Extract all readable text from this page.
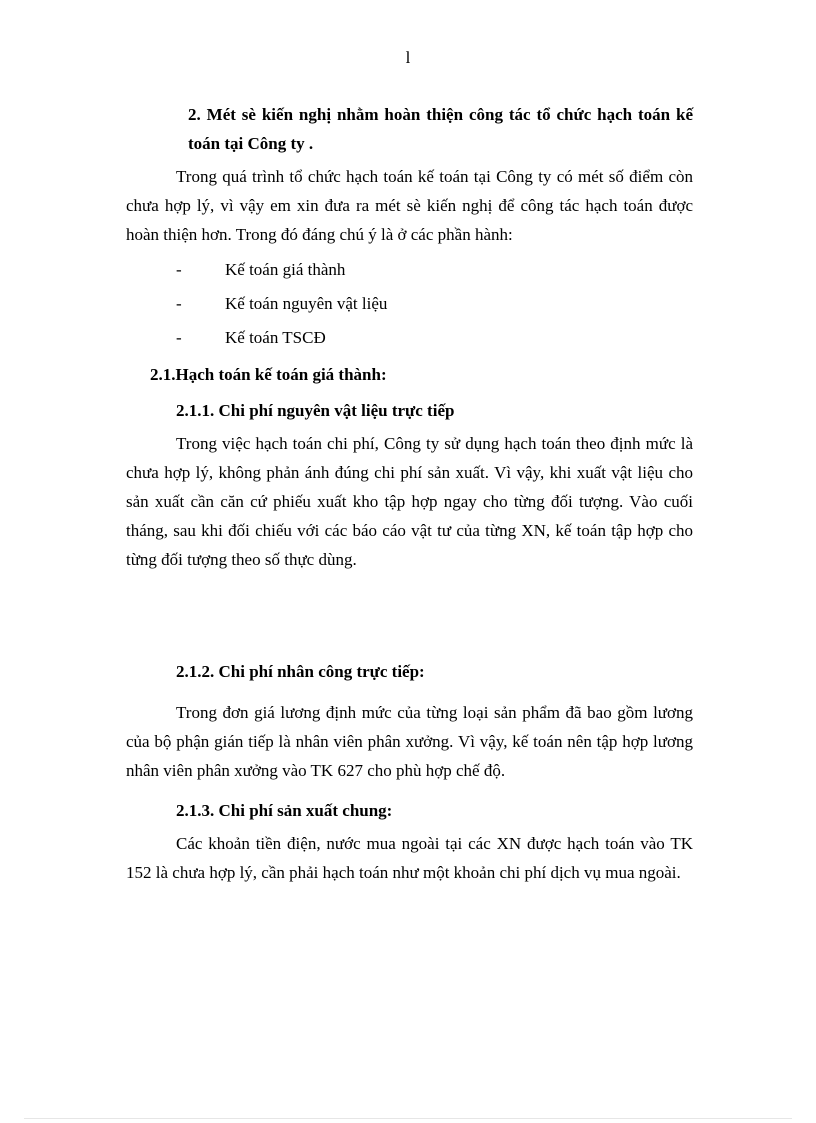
l
2. Mét sè kiến nghị nhằm hoàn thiện công tác tổ chức hạch toán kế toán tại Công ty .

Trong quá trình tổ chức hạch toán kế toán tại Công ty có mét số điểm còn chưa hợp lý, vì vậy em xin đưa ra mét sè kiến nghị để công tác hạch toán được hoàn thiện hơn. Trong đó đáng chú ý là ở các phần hành:

-	Kế toán giá thành
-	Kế toán nguyên vật liệu
-	Kế toán TSCĐ
2.1.Hạch toán kế toán giá thành:
2.1.1. Chi phí nguyên vật liệu trực tiếp

Trong việc hạch toán chi phí, Công ty sử dụng hạch toán theo định mức là chưa hợp lý, không phản ánh đúng chi phí sản xuất. Vì vậy, khi xuất vật liệu cho sản xuất cần căn cứ phiếu xuất kho tập hợp ngay cho từng đối tượng. Vào cuối tháng, sau khi đối chiếu với các báo cáo vật tư của từng XN, kế toán tập hợp cho từng đối tượng theo số thực dùng.

2.1.2. Chi phí nhân công trực tiếp:

Trong đơn giá lương định mức của từng loại sản phẩm đã bao gồm lương của bộ phận gián tiếp là nhân viên phân xưởng. Vì vậy, kế toán nên tập hợp lương nhân viên phân xưởng vào TK 627 cho phù hợp chế độ.

2.1.3. Chi phí sản xuất chung:

Các khoản tiền điện, nước mua ngoài tại các XN được hạch toán vào TK 152 là chưa hợp lý, cần phải hạch toán như một khoản chi phí dịch vụ mua ngoài.
